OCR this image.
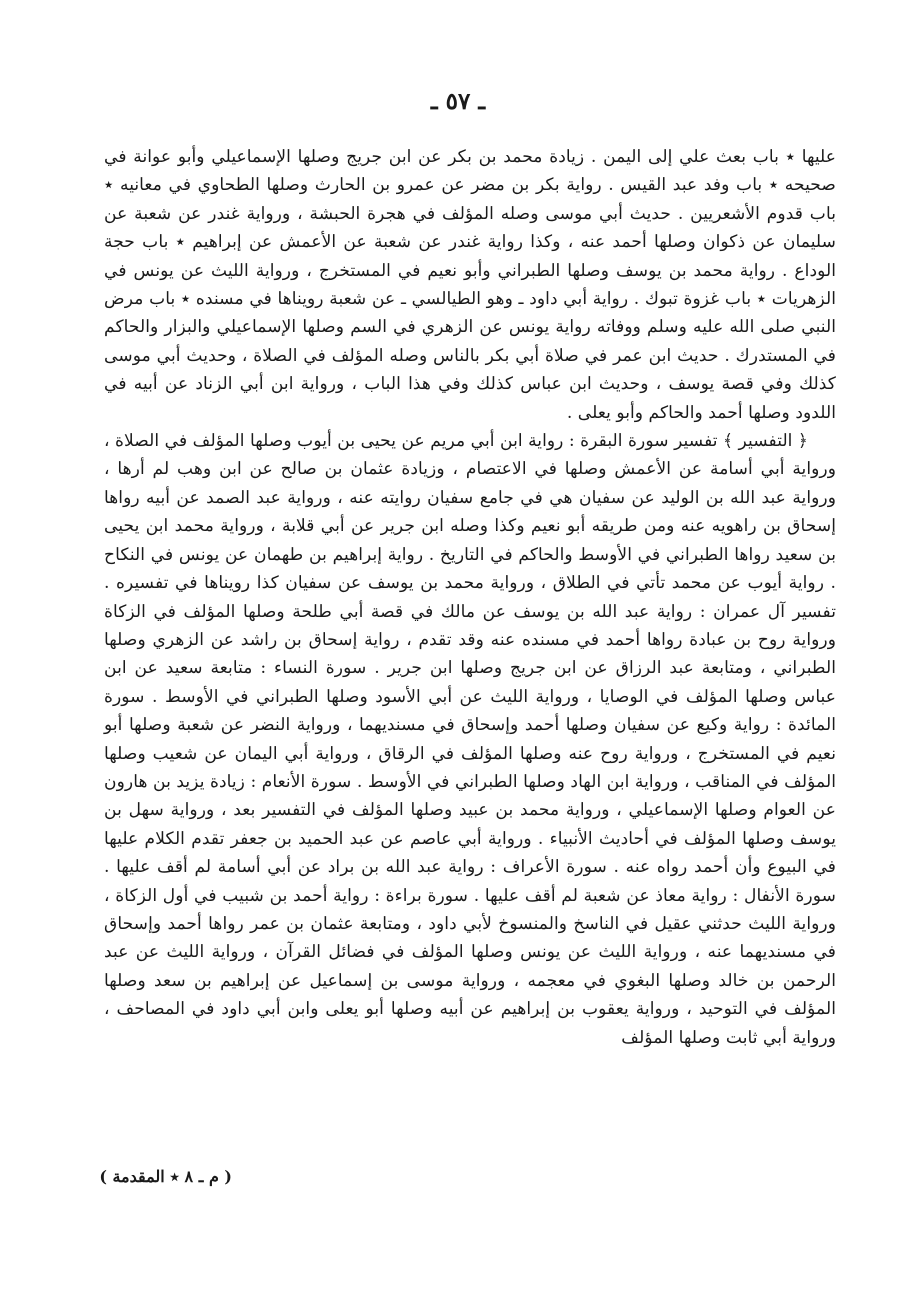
ـ ٥٧ ـ

عليها ٭ باب بعث علي إلى اليمن . زيادة محمد بن بكر عن ابن جريج وصلها الإسماعيلي وأبو عوانة في صحيحه ٭ باب وفد عبد القيس . رواية بكر بن مضر عن عمرو بن الحارث وصلها الطحاوي في معانيه ٭ باب قدوم الأشعريين . حديث أبي موسى وصله المؤلف في هجرة الحبشة ، ورواية غندر عن شعبة عن سليمان عن ذكوان وصلها أحمد عنه ، وكذا رواية غندر عن شعبة عن الأعمش عن إبراهيم ٭ باب حجة الوداع . رواية محمد بن يوسف وصلها الطبراني وأبو نعيم في المستخرج ، ورواية الليث عن يونس في الزهريات ٭ باب غزوة تبوك . رواية أبي داود ـ وهو الطيالسي ـ عن شعبة رويناها في مسنده ٭ باب مرض النبي صلى الله عليه وسلم ووفاته رواية يونس عن الزهري في السم وصلها الإسماعيلي والبزار والحاكم في المستدرك . حديث ابن عمر في صلاة أبي بكر بالناس وصله المؤلف في الصلاة ، وحديث أبي موسى كذلك وفي قصة يوسف ، وحديث ابن عباس كذلك وفي هذا الباب ، ورواية ابن أبي الزناد عن أبيه في اللدود وصلها أحمد والحاكم وأبو يعلى .

﴿ التفسير ﴾ تفسير سورة البقرة : رواية ابن أبي مريم عن يحيى بن أيوب وصلها المؤلف في الصلاة ، ورواية أبي أسامة عن الأعمش وصلها في الاعتصام ، وزيادة عثمان بن صالح عن ابن وهب لم أرها ، ورواية عبد الله بن الوليد عن سفيان هي في جامع سفيان روايته عنه ، ورواية عبد الصمد عن أبيه رواها إسحاق بن راهويه عنه ومن طريقه أبو نعيم وكذا وصله ابن جرير عن أبي قلابة ، ورواية محمد ابن يحيى بن سعيد رواها الطبراني في الأوسط والحاكم في التاريخ . رواية إبراهيم بن طهمان عن يونس في النكاح . رواية أيوب عن محمد تأتي في الطلاق ، ورواية محمد بن يوسف عن سفيان كذا رويناها في تفسيره . تفسير آل عمران : رواية عبد الله بن يوسف عن مالك في قصة أبي طلحة وصلها المؤلف في الزكاة ورواية روح بن عبادة رواها أحمد في مسنده عنه وقد تقدم ، رواية إسحاق بن راشد عن الزهري وصلها الطبراني ، ومتابعة عبد الرزاق عن ابن جريج وصلها ابن جرير . سورة النساء : متابعة سعيد عن ابن عباس وصلها المؤلف في الوصايا ، ورواية الليث عن أبي الأسود وصلها الطبراني في الأوسط . سورة المائدة : رواية وكيع عن سفيان وصلها أحمد وإسحاق في مسنديهما ، ورواية النضر عن شعبة وصلها أبو نعيم في المستخرج ، ورواية روح عنه وصلها المؤلف في الرقاق ، ورواية أبي اليمان عن شعيب وصلها المؤلف في المناقب ، ورواية ابن الهاد وصلها الطبراني في الأوسط . سورة الأنعام : زيادة يزيد بن هارون عن العوام وصلها الإسماعيلي ، ورواية محمد بن عبيد وصلها المؤلف في التفسير بعد ، ورواية سهل بن يوسف وصلها المؤلف في أحاديث الأنبياء . ورواية أبي عاصم عن عبد الحميد بن جعفر تقدم الكلام عليها في البيوع وأن أحمد رواه عنه . سورة الأعراف : رواية عبد الله بن براد عن أبي أسامة لم أقف عليها . سورة الأنفال : رواية معاذ عن شعبة لم أقف عليها . سورة براءة : رواية أحمد بن شبيب في أول الزكاة ، ورواية الليث حدثني عقيل في الناسخ والمنسوخ لأبي داود ، ومتابعة عثمان بن عمر رواها أحمد وإسحاق في مسنديهما عنه ، ورواية الليث عن يونس وصلها المؤلف في فضائل القرآن ، ورواية الليث عن عبد الرحمن بن خالد وصلها البغوي في معجمه ، ورواية موسى بن إسماعيل عن إبراهيم بن سعد وصلها المؤلف في التوحيد ، ورواية يعقوب بن إبراهيم عن أبيه وصلها أبو يعلى وابن أبي داود في المصاحف ، ورواية أبي ثابت وصلها المؤلف

( م ـ ٨ ٭ المقدمة )
